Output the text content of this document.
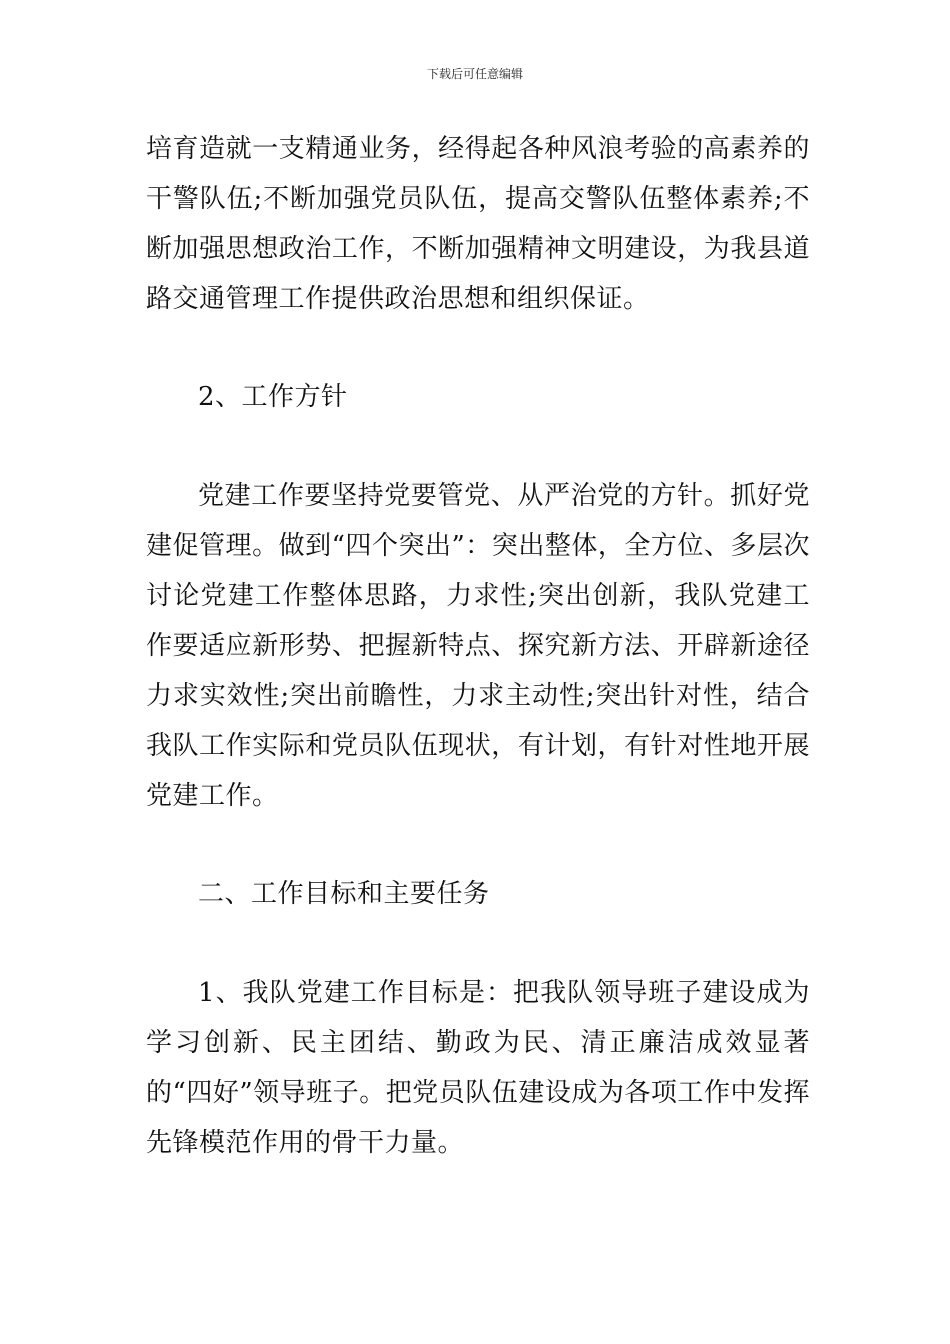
下载后可任意编辑

培育造就一支精通业务，经得起各种风浪考验的高素养的干警队伍;不断加强党员队伍，提高交警队伍整体素养;不断加强思想政治工作，不断加强精神文明建设，为我县道路交通管理工作提供政治思想和组织保证。

2、工作方针

党建工作要坚持党要管党、从严治党的方针。抓好党建促管理。做到“四个突出”：突出整体，全方位、多层次讨论党建工作整体思路，力求性;突出创新，我队党建工作要适应新形势、把握新特点、探究新方法、开辟新途径力求实效性;突出前瞻性，力求主动性;突出针对性，结合我队工作实际和党员队伍现状，有计划，有针对性地开展党建工作。

二、工作目标和主要任务

1、我队党建工作目标是：把我队领导班子建设成为学习创新、民主团结、勤政为民、清正廉洁成效显著的“四好”领导班子。把党员队伍建设成为各项工作中发挥先锋模范作用的骨干力量。
